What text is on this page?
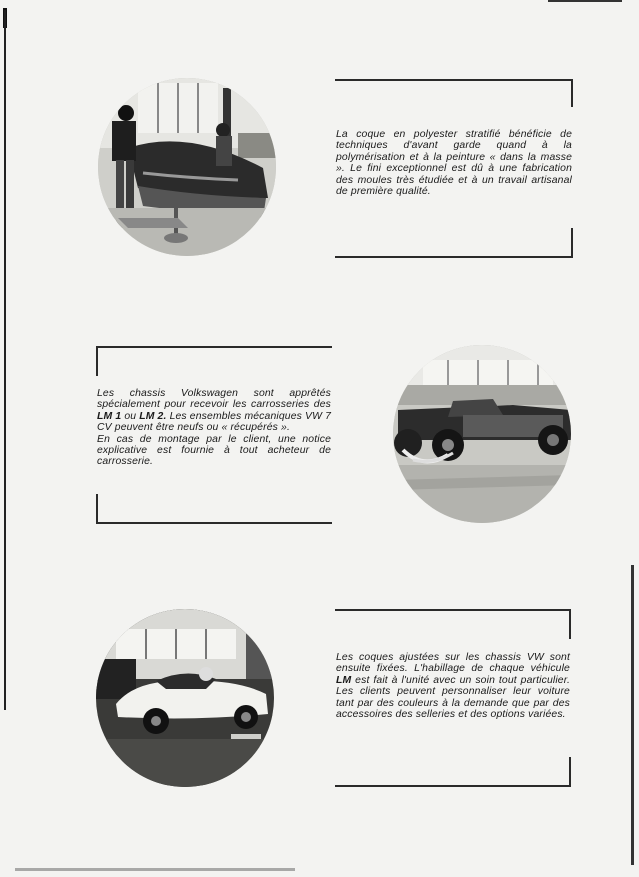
La coque en polyester stratifié bénéficie de techniques d'avant garde quand à la polymérisation et à la peinture « dans la masse ». Le fini exceptionnel est dû à une fabrication des moules très étudiée et à un travail artisanal de première qualité.
Les chassis Volkswagen sont apprêtés spécialement pour recevoir les carrosseries des LM 1 ou LM 2. Les ensembles mécaniques VW 7 CV peuvent être neufs ou « récupérés ».
En cas de montage par le client, une notice explicative est fournie à tout acheteur de carrosserie.
Les coques ajustées sur les chassis VW sont ensuite fixées. L'habillage de chaque véhicule LM est fait à l'unité avec un soin tout particulier. Les clients peuvent personnaliser leur voiture tant par des couleurs à la demande que par des accessoires des selleries et des options variées.
